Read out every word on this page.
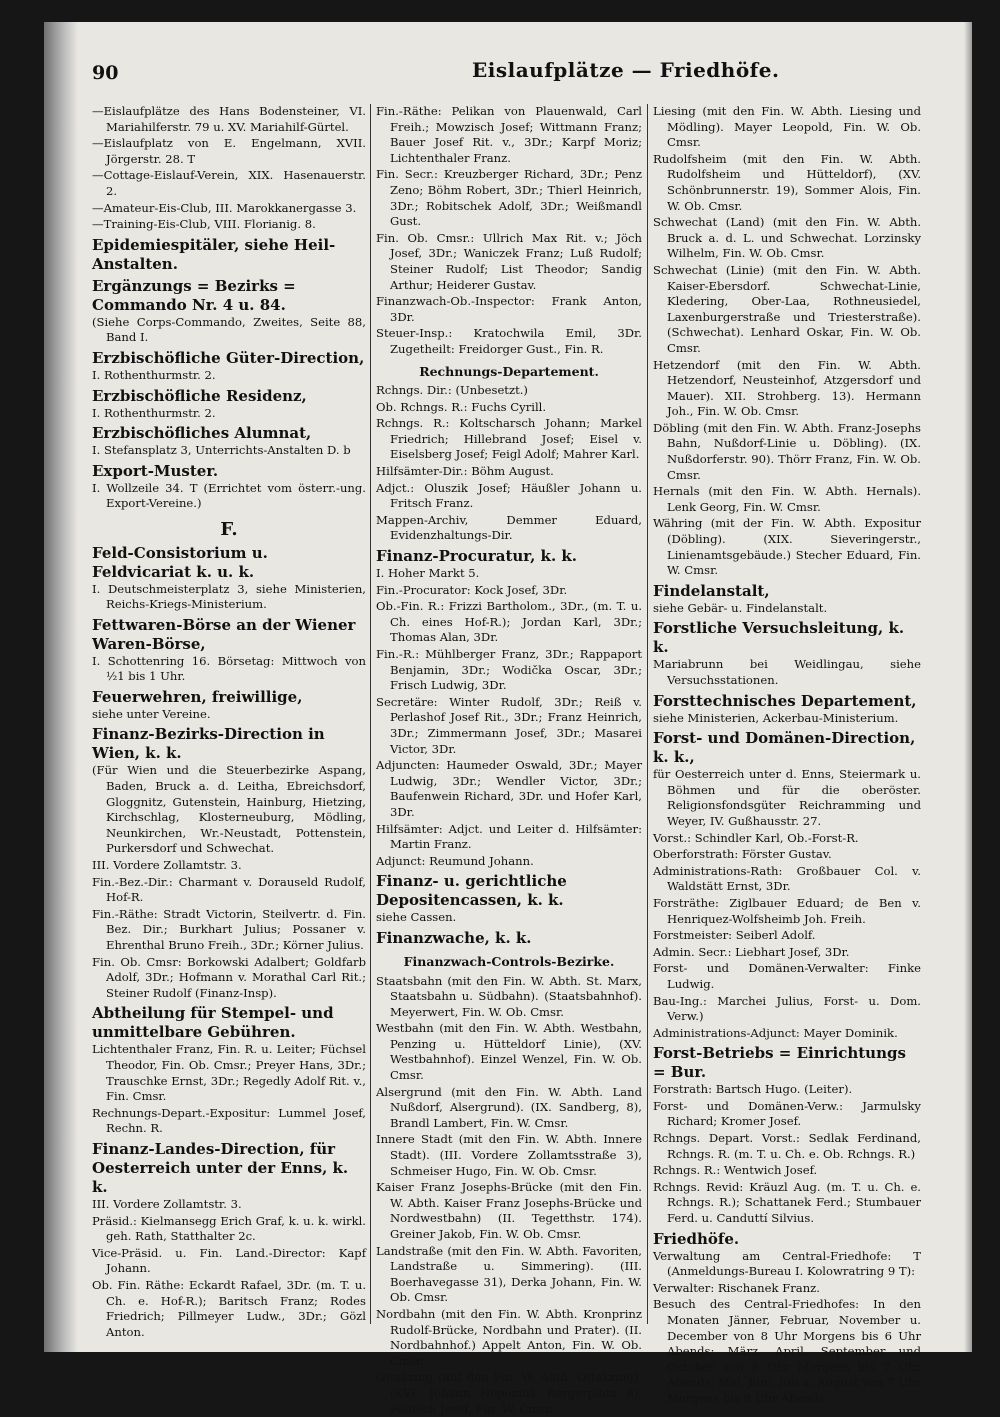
90	Eislaufplätze — Friedhöfe.
—Eislaufplätze des Hans Bodensteiner, VI. Mariahilferstr. 79 u. XV. Mariahilf-Gürtel.
—Eislaufplatz von E. Engelmann, XVII. Jörgerstr. 28. T
—Cottage-Eislauf-Verein, XIX. Hasenauerstr. 2.
—Amateur-Eis-Club, III. Marokkanergasse 3.
—Training-Eis-Club, VIII. Florianig. 8.
Epidemiespitäler, siehe Heil-Anstalten.
Ergänzungs = Bezirks = Commando Nr. 4 u. 84.
(Siehe Corps-Commando, Zweites, Seite 88, Band I.
Erzbischöfliche Güter-Direction,
I. Rothenthurmstr. 2.
Erzbischöfliche Residenz,
I. Rothenthurmstr. 2.
Erzbischöfliches Alumnat,
I. Stefansplatz 3, Unterrichts-Anstalten D. b
Export-Muster.
I. Wollzeile 34. T (Errichtet vom österr.-ung. Export-Vereine.)
F.
Feld-Consistorium u. Feldvicariat k. u. k.
I. Deutschmeisterplatz 3, siehe Ministerien, Reichs-Kriegs-Ministerium.
Fettwaren-Börse an der Wiener Waren-Börse,
I. Schottenring 16. Börsetag: Mittwoch von ½1 bis 1 Uhr.
Feuerwehren, freiwillige,
siehe unter Vereine.
Finanz-Bezirks-Direction in Wien, k. k.
(Für Wien und die Steuerbezirke Aspang, Baden, Bruck a. d. Leitha, Ebreichsdorf, Gloggnitz, Gutenstein, Hainburg, Hietzing, Kirchschlag, Klosterneuburg, Mödling, Neunkirchen, Wr.-Neustadt, Pottenstein, Purkersdorf und Schwechat.
III. Vordere Zollamtstr. 3.
Fin.-Bez.-Dir.: Charmant v. Dorauseld Rudolf, Hof-R.
Fin.-Räthe: Stradt Victorin, Steilvertr. d. Fin. Bez. Dir.; Burkhart Julius; Possaner v. Ehrenthal Bruno Freih., 3Dr.; Körner Julius.
Fin. Ob. Cmsr: Borkowski Adalbert; Goldfarb Adolf, 3Dr.; Hofmann v. Morathal Carl Rit.; Steiner Rudolf (Finanz-Insp).
Abtheilung für Stempel- und unmittelbare Gebühren.
Lichtenthaler Franz, Fin. R. u. Leiter; Füchsel Theodor, Fin. Ob. Cmsr.; Preyer Hans, 3Dr.; Trauschke Ernst, 3Dr.; Regedly Adolf Rit. v., Fin. Cmsr.
Rechnungs-Depart.-Expositur: Lummel Josef, Rechn. R.
Finanz-Landes-Direction, für Oesterreich unter der Enns, k. k.
III. Vordere Zollamtstr. 3.
Präsid.: Kielmansegg Erich Graf, k. u. k. wirkl. geh. Rath, Statthalter 2c.
Vice-Präsid. u. Fin. Land.-Director: Kapf Johann.
Ob. Fin. Räthe: Eckardt Rafael, 3Dr. (m. T. u. Ch. e. Hof-R.); Baritsch Franz; Rodes Friedrich; Pillmeyer Ludw., 3Dr.; Gözl Anton.
Fin.-Räthe: Pelikan von Plauenwald, Carl Freih.; Mowzisch Josef; Wittmann Franz; Bauer Josef Rit. v., 3Dr.; Karpf Moriz; Lichtenthaler Franz.
Fin. Secr.: Kreuzberger Richard, 3Dr.; Penz Zeno; Böhm Robert, 3Dr.; Thierl Heinrich, 3Dr.; Robitschek Adolf, 3Dr.; Weißmandl Gust.
Fin. Ob. Cmsr.: Ullrich Max Rit. v.; Jöch Josef, 3Dr.; Waniczek Franz; Luß Rudolf; Steiner Rudolf; List Theodor; Sandig Arthur; Heiderer Gustav.
Finanzwach-Ob.-Inspector: Frank Anton, 3Dr.
Steuer-Insp.: Kratochwila Emil, 3Dr. Zugetheilt: Freidorger Gust., Fin. R.
Rechnungs-Departement.
Rchngs. Dir.: (Unbesetzt.)
Ob. Rchngs. R.: Fuchs Cyrill.
Rchngs. R.: Koltscharsch Johann; Markel Friedrich; Hillebrand Josef; Eisel v. Eiselsberg Josef; Feigl Adolf; Mahrer Karl.
Hilfsämter-Dir.: Böhm August.
Adjct.: Oluszik Josef; Häußler Johann u. Fritsch Franz.
Mappen-Archiv, Demmer Eduard, Evidenzhaltungs-Dir.
Finanz-Procuratur, k. k.
I. Hoher Markt 5.
Fin.-Procurator: Kock Josef, 3Dr.
Ob.-Fin. R.: Frizzi Bartholom., 3Dr., (m. T. u. Ch. eines Hof-R.); Jordan Karl, 3Dr.; Thomas Alan, 3Dr.
Fin.-R.: Mühlberger Franz, 3Dr.; Rappaport Benjamin, 3Dr.; Wodička Oscar, 3Dr.; Frisch Ludwig, 3Dr.
Secretäre: Winter Rudolf, 3Dr.; Reiß v. Perlashof Josef Rit., 3Dr.; Franz Heinrich, 3Dr.; Zimmermann Josef, 3Dr.; Masarei Victor, 3Dr.
Adjuncten: Haumeder Oswald, 3Dr.; Mayer Ludwig, 3Dr.; Wendler Victor, 3Dr.; Baufenwein Richard, 3Dr. und Hofer Karl, 3Dr.
Hilfsämter: Adjct. und Leiter d. Hilfsämter: Martin Franz.
Adjunct: Reumund Johann.
Finanz- u. gerichtliche Depositencassen, k. k.
siehe Cassen.
Finanzwache, k. k.
Finanzwach-Controls-Bezirke.
Staatsbahn (mit den Fin. W. Abth. St. Marx, Staatsbahn u. Südbahn). (Staatsbahnhof). Meyerwert, Fin. W. Ob. Cmsr.
Westbahn (mit den Fin. W. Abth. Westbahn, Penzing u. Hütteldorf Linie), (XV. Westbahnhof). Einzel Wenzel, Fin. W. Ob. Cmsr.
Alsergrund (mit den Fin. W. Abth. Land Nußdorf, Alsergrund). (IX. Sandberg, 8), Brandl Lambert, Fin. W. Cmsr.
Innere Stadt (mit den Fin. W. Abth. Innere Stadt). (III. Vordere Zollamtsstraße 3), Schmeiser Hugo, Fin. W. Ob. Cmsr.
Kaiser Franz Josephs-Brücke (mit den Fin. W. Abth. Kaiser Franz Josephs-Brücke und Nordwestbahn) (II. Tegetthstr. 174). Greiner Jakob, Fin. W. Ob. Cmsr.
Landstraße (mit den Fin. W. Abth. Favoriten, Landstraße u. Simmering). (III. Boerhavegasse 31), Derka Johann, Fin. W. Ob. Cmsr.
Nordbahn (mit den Fin. W. Abth. Kronprinz Rudolf-Brücke, Nordbahn und Prater). (II. Nordbahnhof.) Appelt Anton, Fin. W. Ob. Cmsr.
Ottakring (mit den Fin. W. Abth. Ottakring). (XVI. Johann Nepomuk Bergerplatz 8), Politsch Josef, Fin. W. Cmsr.
Liesing (mit den Fin. W. Abth. Liesing und Mödling). Mayer Leopold, Fin. W. Ob. Cmsr.
Rudolfsheim (mit den Fin. W. Abth. Rudolfsheim und Hütteldorf), (XV. Schönbrunnerstr. 19), Sommer Alois, Fin. W. Ob. Cmsr.
Schwechat (Land) (mit den Fin. W. Abth. Bruck a. d. L. und Schwechat. Lorzinsky Wilhelm, Fin. W. Ob. Cmsr.
Schwechat (Linie) (mit den Fin. W. Abth. Kaiser-Ebersdorf. Schwechat-Linie, Kledering, Ober-Laa, Rothneusiedel, Laxenburgerstraße und Triesterstraße). (Schwechat). Lenhard Oskar, Fin. W. Ob. Cmsr.
Hetzendorf (mit den Fin. W. Abth. Hetzendorf, Neusteinhof, Atzgersdorf und Mauer). XII. Strohberg. 13). Hermann Joh., Fin. W. Ob. Cmsr.
Döbling (mit den Fin. W. Abth. Franz-Josephs Bahn, Nußdorf-Linie u. Döbling). (IX. Nußdorferstr. 90). Thörr Franz, Fin. W. Ob. Cmsr.
Hernals (mit den Fin. W. Abth. Hernals). Lenk Georg, Fin. W. Cmsr.
Währing (mit der Fin. W. Abth. Expositur (Döbling). (XIX. Sieveringerstr., Linienamtsgebäude.) Stecher Eduard, Fin. W. Cmsr.
Findelanstalt,
siehe Gebär- u. Findelanstalt.
Forstliche Versuchsleitung, k. k.
Mariabrunn bei Weidlingau, siehe Versuchsstationen.
Forsttechnisches Departement,
siehe Ministerien, Ackerbau-Ministerium.
Forst- und Domänen-Direction, k. k.,
für Oesterreich unter d. Enns, Steiermark u. Böhmen und für die oberöster. Religionsfondsgüter Reichramming und Weyer, IV. Gußhausstr. 27.
Vorst.: Schindler Karl, Ob.-Forst-R.
Oberforstrath: Förster Gustav.
Administrations-Rath: Großbauer Col. v. Waldstätt Ernst, 3Dr.
Forsträthe: Ziglbauer Eduard; de Ben v. Henriquez-Wolfsheimb Joh. Freih.
Forstmeister: Seiberl Adolf.
Admin. Secr.: Liebhart Josef, 3Dr.
Forst- und Domänen-Verwalter: Finke Ludwig.
Bau-Ing.: Marchei Julius, Forst- u. Dom. Verw.)
Administrations-Adjunct: Mayer Dominik.
Forst-Betriebs = Einrichtungs = Bur.
Forstrath: Bartsch Hugo. (Leiter).
Forst- und Domänen-Verw.: Jarmulsky Richard; Kromer Josef.
Rchngs. Depart. Vorst.: Sedlak Ferdinand, Rchngs. R. (m. T. u. Ch. e. Ob. Rchngs. R.)
Rchngs. R.: Wentwich Josef.
Rchngs. Revid: Kräuzl Aug. (m. T. u. Ch. e. Rchngs. R.); Schattanek Ferd.; Stumbauer Ferd. u. Canduttí Silvius.
Friedhöfe.
Verwaltung am Central-Friedhofe: T (Anmeldungs-Bureau I. Kolowratring 9 T):
Verwalter: Rischanek Franz.
Besuch des Central-Friedhofes: In den Monaten Jänner, Februar, November u. December von 8 Uhr Morgens bis 6 Uhr Abends; März, April, September und October von 8 Uhr Morgens bis 7 Uhr Abends; Mai, Juni, Juli u. August von 7 Uhr Morgens bis 8 Uhr Abends.
